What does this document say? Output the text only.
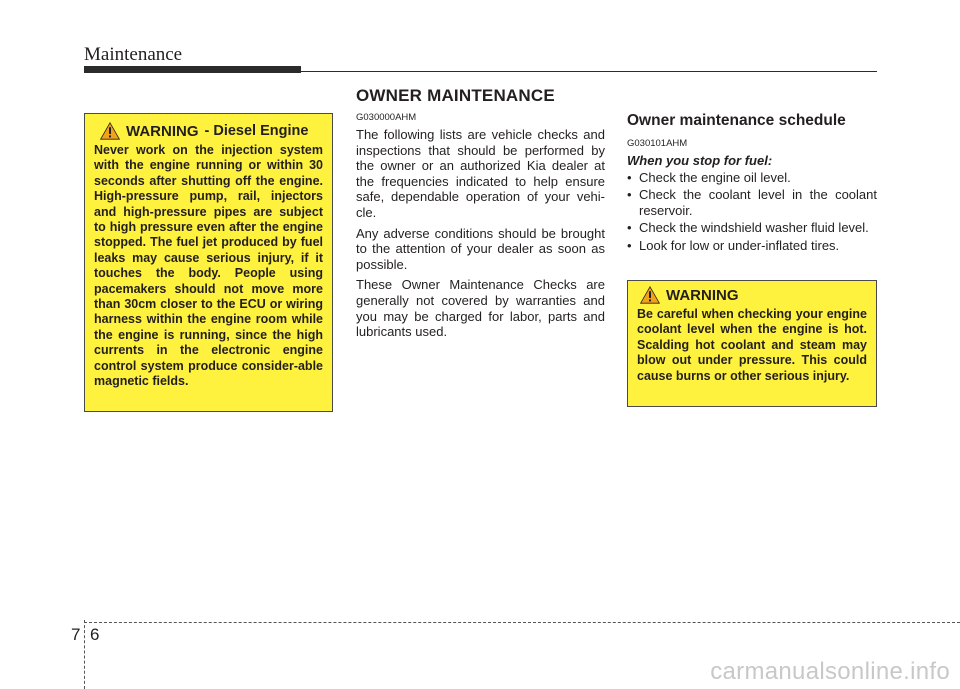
Maintenance
OWNER MAINTENANCE
WARNING - Diesel Engine

Never work on the injection system with the engine running or within 30 seconds after shutting off the engine. High-pressure pump, rail, injectors and high-pressure pipes are subject to high pressure even after the engine stopped. The fuel jet produced by fuel leaks may cause serious injury, if it touches the body. People using pacemakers should not move more than 30cm closer to the ECU or wiring harness within the engine room while the engine is running, since the high currents in the electronic engine control system produce consider-able magnetic fields.

G030000AHM

The following lists are vehicle checks and inspections that should be performed by the owner or an authorized Kia dealer at the frequencies indicated to help ensure safe, dependable operation of your vehi-cle.

Any adverse conditions should be brought to the attention of your dealer as soon as possible.

These Owner Maintenance Checks are generally not covered by warranties and you may be charged for labor, parts and lubricants used.

Owner maintenance schedule

G030101AHM

When you stop for fuel:
• Check the engine oil level.
• Check the coolant level in the coolant reservoir.
• Check the windshield washer fluid level.
• Look for low or under-inflated tires.
WARNING

Be careful when checking your engine coolant level when the engine is hot. Scalding hot coolant and steam may blow out under pressure. This could cause burns or other serious injury.

7 6
carmanualsonline.info
